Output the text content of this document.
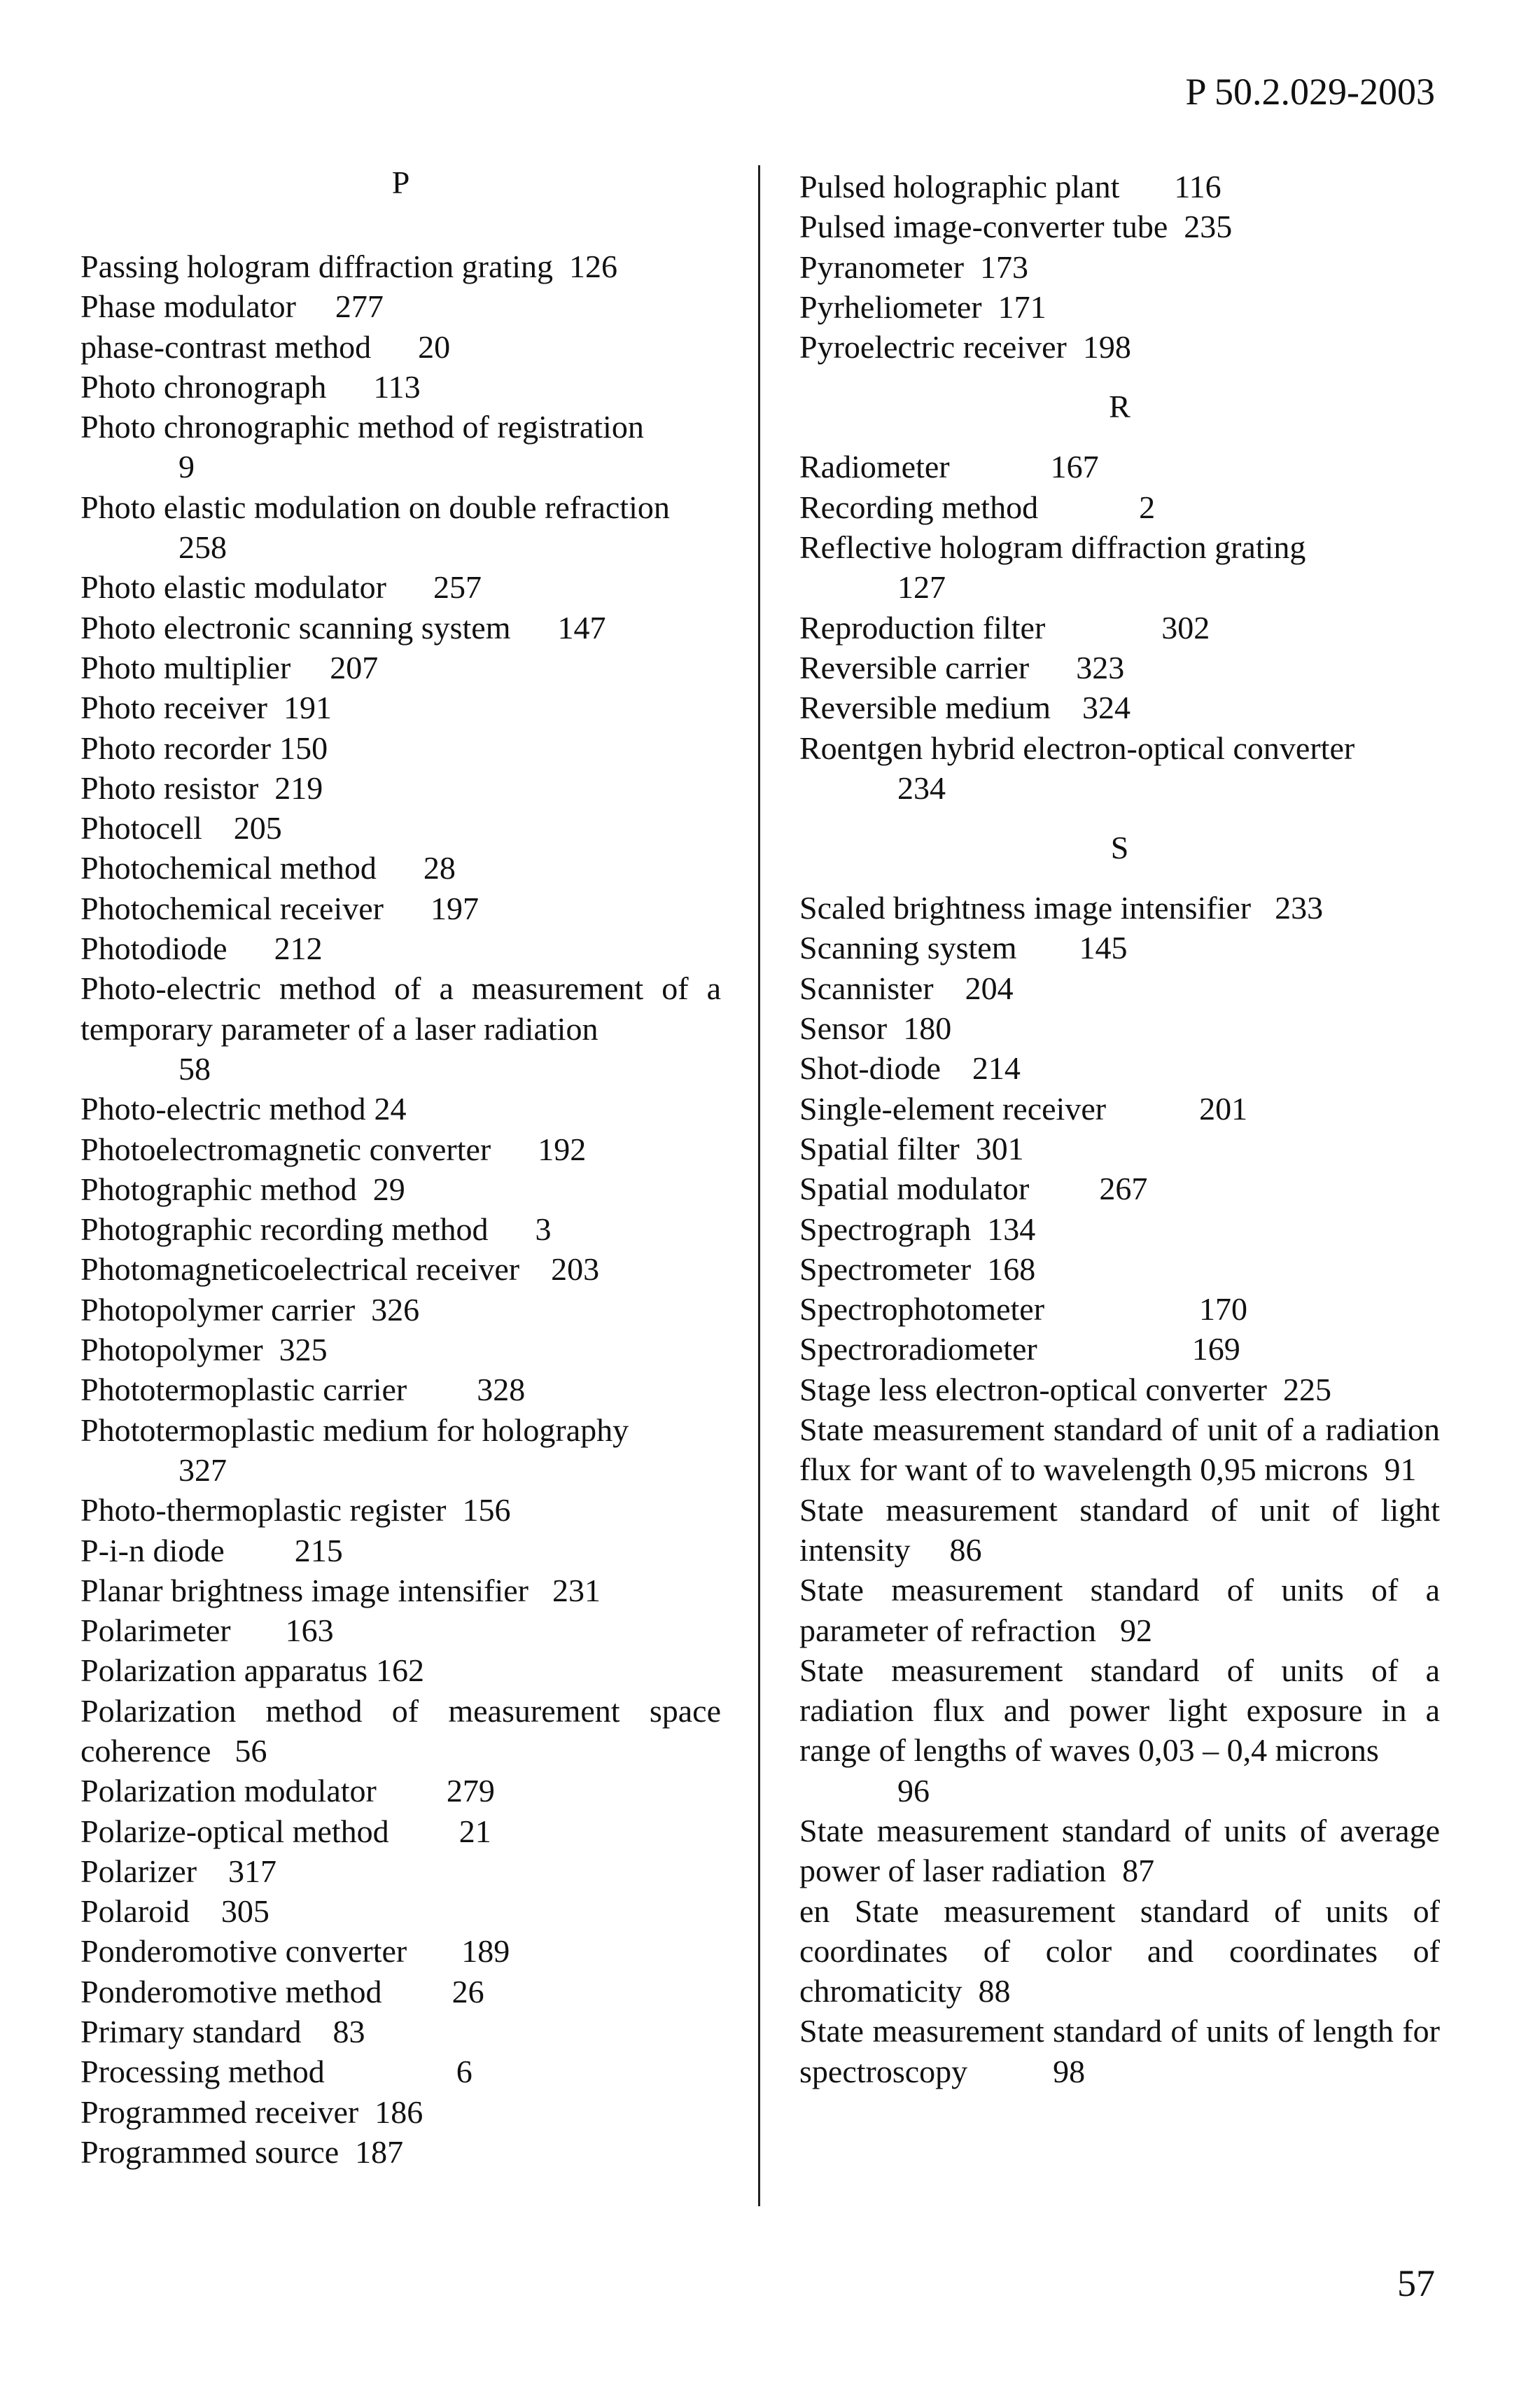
P 50.2.029-2003
P
Passing hologram diffraction grating 126
Phase modulator 277
phase-contrast method 20
Photo chronograph 113
Photo chronographic method of registration
9
Photo elastic modulation on double refraction
258
Photo elastic modulator 257
Photo electronic scanning system 147
Photo multiplier 207
Photo receiver 191
Photo recorder 150
Photo resistor 219
Photocell 205
Photochemical method 28
Photochemical receiver 197
Photodiode 212
Photo-electric method of a measurement of a temporary parameter of a laser radiation
58
Photo-electric method 24
Photoelectromagnetic converter 192
Photographic method 29
Photographic recording method 3
Photomagneticoelectrical receiver 203
Photopolymer carrier 326
Photopolymer 325
Phototermoplastic carrier 328
Phototermoplastic medium for holography
327
Photo-thermoplastic register 156
P-i-n diode 215
Planar brightness image intensifier 231
Polarimeter 163
Polarization apparatus 162
Polarization method of measurement space coherence 56
Polarization modulator 279
Polarize-optical method 21
Polarizer 317
Polaroid 305
Ponderomotive converter 189
Ponderomotive method 26
Primary standard 83
Processing method	6
Programmed receiver 186
Programmed source 187
Pulsed holographic plant 116
Pulsed image-converter tube 235
Pyranometer 173
Pyrheliometer 171
Pyroelectric receiver 198
R
Radiometer	167
Recording method	2
Reflective hologram diffraction grating
127
Reproduction filter	302
Reversible carrier 323
Reversible medium 324
Roentgen hybrid electron-optical converter
234
S
Scaled brightness image intensifier 233
Scanning system 145
Scannister 204
Sensor 180
Shot-diode 214
Single-element receiver	201
Spatial filter 301
Spatial modulator 267
Spectrograph 134
Spectrometer 168
Spectrophotometer	170
Spectroradiometer	169
Stage less electron-optical converter 225
State measurement standard of unit of a radiation flux for want of to wavelength 0,95 microns 91
State measurement standard of unit of light intensity 86
State measurement standard of units of a parameter of refraction 92
State measurement standard of units of a radiation flux and power light exposure in a range of lengths of waves 0,03 – 0,4 microns
96
State measurement standard of units of average power of laser radiation 87
en State measurement standard of units of coordinates of color and coordinates of chromaticity 88
State measurement standard of units of length for spectroscopy	98
57
